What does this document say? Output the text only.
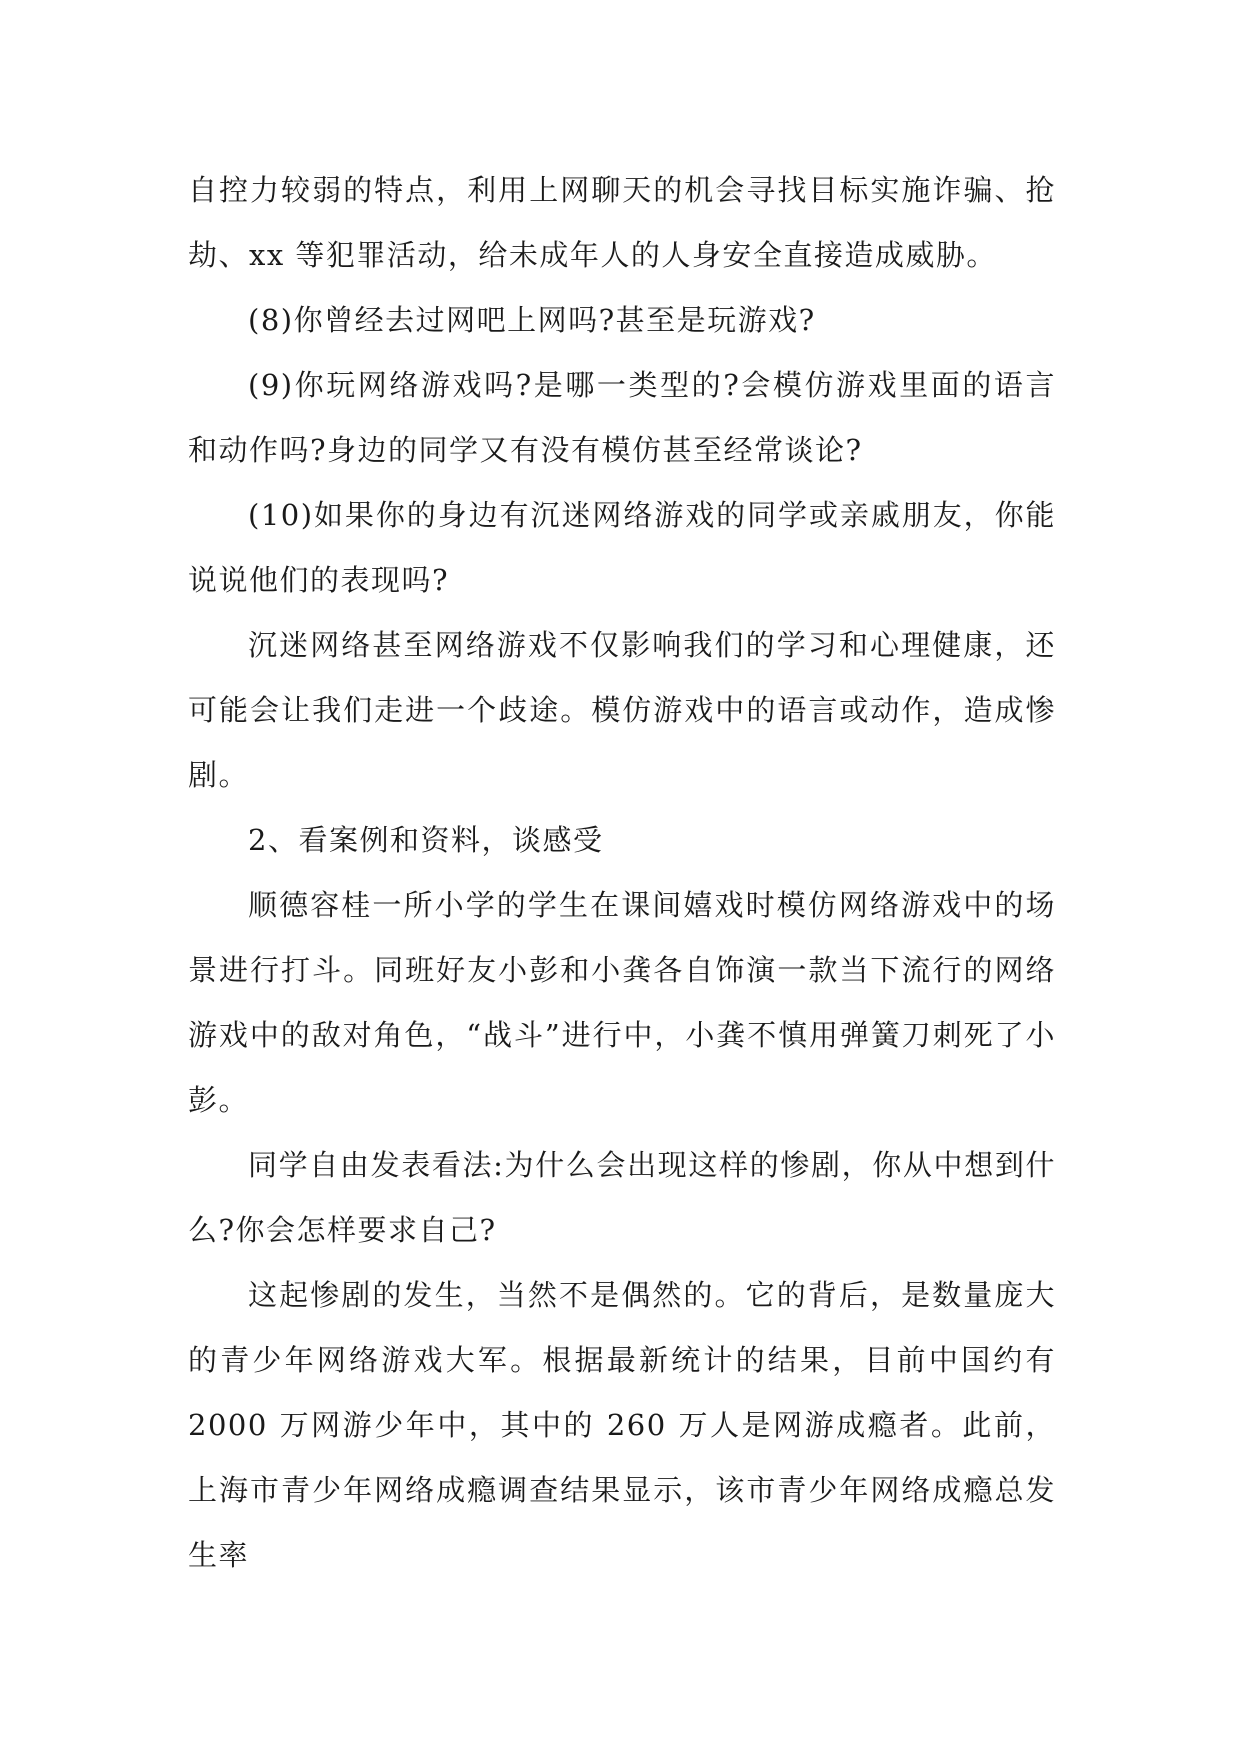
自控力较弱的特点，利用上网聊天的机会寻找目标实施诈骗、抢劫、xx 等犯罪活动，给未成年人的人身安全直接造成威胁。

(8)你曾经去过网吧上网吗?甚至是玩游戏?

(9)你玩网络游戏吗?是哪一类型的?会模仿游戏里面的语言和动作吗?身边的同学又有没有模仿甚至经常谈论?

(10)如果你的身边有沉迷网络游戏的同学或亲戚朋友，你能说说他们的表现吗?

沉迷网络甚至网络游戏不仅影响我们的学习和心理健康，还可能会让我们走进一个歧途。模仿游戏中的语言或动作，造成惨剧。

2、看案例和资料，谈感受

顺德容桂一所小学的学生在课间嬉戏时模仿网络游戏中的场景进行打斗。同班好友小彭和小龚各自饰演一款当下流行的网络游戏中的敌对角色，“战斗”进行中，小龚不慎用弹簧刀刺死了小彭。

同学自由发表看法:为什么会出现这样的惨剧，你从中想到什么?你会怎样要求自己?

这起惨剧的发生，当然不是偶然的。它的背后，是数量庞大的青少年网络游戏大军。根据最新统计的结果，目前中国约有 2000 万网游少年中，其中的 260 万人是网游成瘾者。此前，上海市青少年网络成瘾调查结果显示，该市青少年网络成瘾总发生率
